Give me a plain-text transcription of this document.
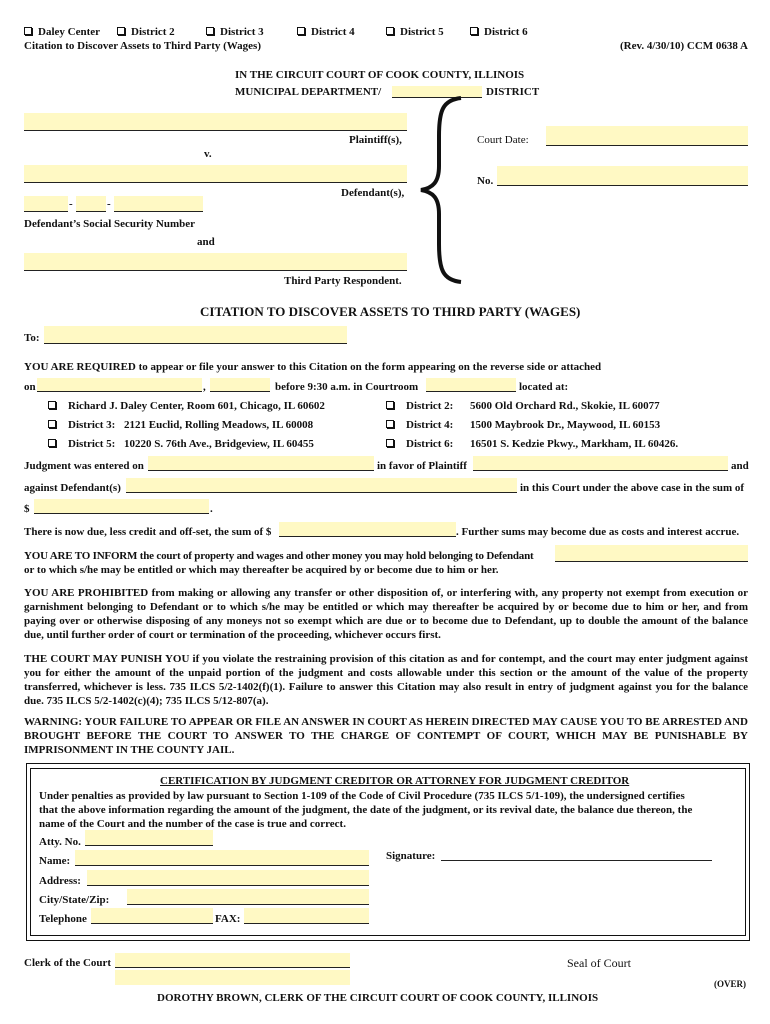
Daley Center	District 2	District 3	District 4	District 5	District 6
Citation to Discover Assets to Third Party (Wages)	(Rev. 4/30/10) CCM 0638 A
IN THE CIRCUIT COURT OF COOK COUNTY, ILLINOIS
MUNICIPAL DEPARTMENT/	DISTRICT
Plaintiff(s),
v.
Defendant(s),
-	-
Defendant’s Social Security Number
and
Third Party Respondent.
Court Date:
No.
CITATION TO DISCOVER ASSETS TO THIRD PARTY (WAGES)
To:
YOU ARE REQUIRED to appear or file your answer to this Citation on the form appearing on the reverse side or attached
on	,	before 9:30 a.m. in Courtroom	located at:
Richard J. Daley Center, Room 601, Chicago, IL 60602
District 3: 2121 Euclid, Rolling Meadows, IL 60008
District 5: 10220 S. 76th Ave., Bridgeview, IL 60455
District 2: 5600 Old Orchard Rd., Skokie, IL 60077
District 4: 1500 Maybrook Dr., Maywood, IL 60153
District 6: 16501 S. Kedzie Pkwy., Markham, IL 60426.
Judgment was entered on	in favor of Plaintiff	and
against Defendant(s)	in this Court under the above case in the sum of
$	.
There is now due, less credit and off-set, the sum of $	. Further sums may become due as costs and interest accrue.
YOU ARE TO INFORM the court of property and wages and other money you may hold belonging to Defendant
or to which s/he may be entitled or which may thereafter be acquired by or become due to him or her.
YOU ARE PROHIBITED from making or allowing any transfer or other disposition of, or interfering with, any property not exempt from execution or garnishment belonging to Defendant or to which s/he may be entitled or which may thereafter be acquired by or become due to him or her, and from paying over or otherwise disposing of any moneys not so exempt which are due or to become due to Defendant, up to double the amount of the balance due, until further order of court or termination of the proceeding, whichever occurs first.
THE COURT MAY PUNISH YOU if you violate the restraining provision of this citation as and for contempt, and the court may enter judgment against you for either the amount of the unpaid portion of the judgment and costs allowable under this section or the amount of the value of the property transferred, whichever is less. 735 ILCS 5/2-1402(f)(1). Failure to answer this Citation may also result in entry of judgment against you for the balance due. 735 ILCS 5/2-1402(c)(4); 735 ILCS 5/12-807(a).
WARNING: YOUR FAILURE TO APPEAR OR FILE AN ANSWER IN COURT AS HEREIN DIRECTED MAY CAUSE YOU TO BE ARRESTED AND BROUGHT BEFORE THE COURT TO ANSWER TO THE CHARGE OF CONTEMPT OF COURT, WHICH MAY BE PUNISHABLE BY IMPRISONMENT IN THE COUNTY JAIL.
CERTIFICATION BY JUDGMENT CREDITOR OR ATTORNEY FOR JUDGMENT CREDITOR
Under penalties as provided by law pursuant to Section 1-109 of the Code of Civil Procedure (735 ILCS 5/1-109), the undersigned certifies that the above information regarding the amount of the judgment, the date of the judgment, or its revival date, the balance due thereon, the name of the Court and the number of the case is true and correct.
Atty. No.
Name:
Address:
City/State/Zip:
Telephone	FAX:
Signature:
Clerk of the Court	Seal of Court
(OVER)
DOROTHY BROWN, CLERK OF THE CIRCUIT COURT OF COOK COUNTY, ILLINOIS
